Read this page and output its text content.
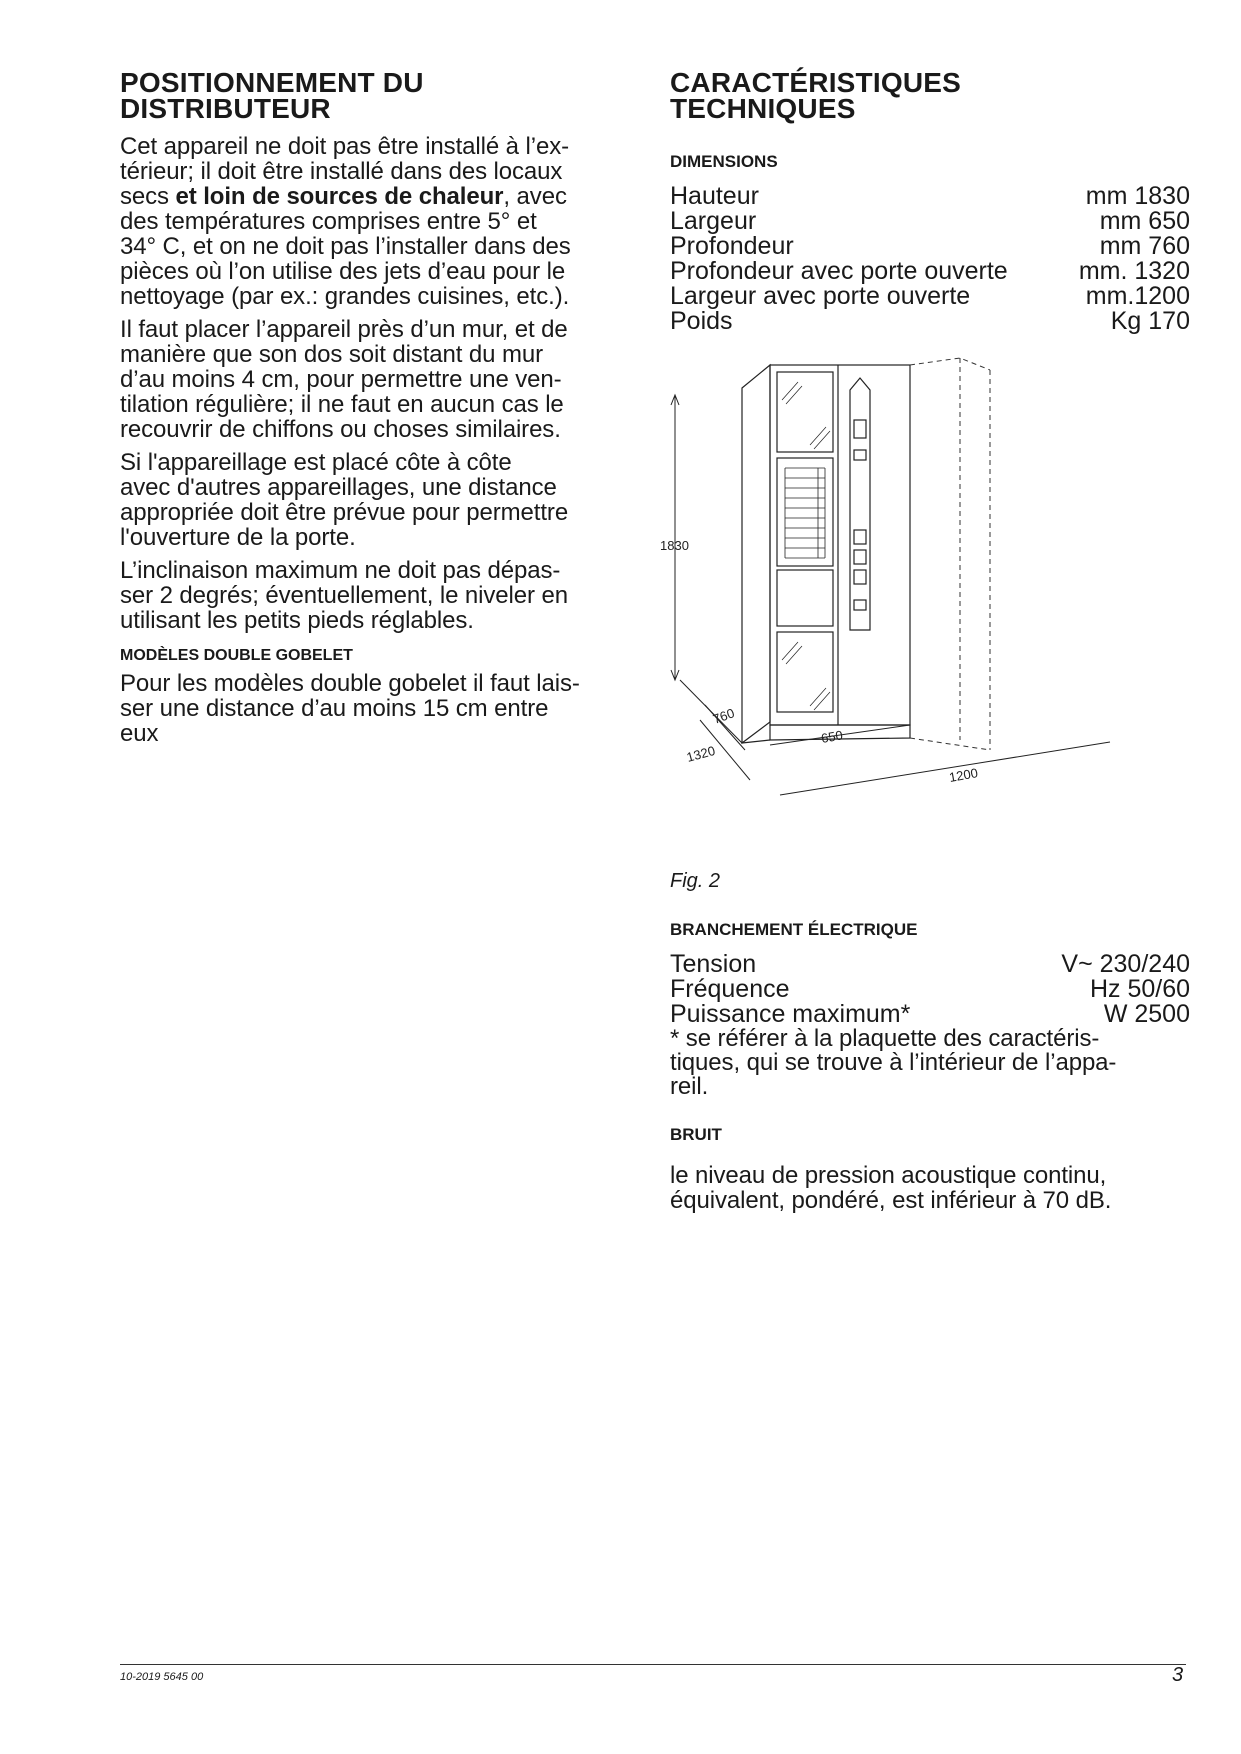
POSITIONNEMENT DU
DISTRIBUTEUR
Cet appareil ne doit pas être installé à l’ex-
térieur; il doit être installé dans des locaux
secs et loin de sources de chaleur, avec
des températures comprises entre 5° et
34° C, et on ne doit pas l’installer dans des
pièces où l’on utilise des jets d’eau pour le
nettoyage (par ex.: grandes cuisines, etc.).
Il faut placer l’appareil près d’un mur, et de
manière que son dos soit distant du mur
d’au moins 4 cm, pour permettre une ven-
tilation régulière; il ne faut en aucun cas le
recouvrir de chiffons ou choses similaires.
Si l'appareillage est placé côte à côte
avec d'autres appareillages, une distance
appropriée doit être prévue pour permettre
l'ouverture de la porte.
L’inclinaison maximum ne doit pas dépas-
ser 2 degrés; éventuellement, le niveler en
utilisant les petits pieds réglables.
MODÈLES DOUBLE GOBELET
Pour les modèles double gobelet il faut lais-
ser une distance d’au moins 15 cm entre
eux
CARACTÉRISTIQUES
TECHNIQUES
DIMENSIONS
Hauteur	mm 1830
Largeur	mm 650
Profondeur	mm 760
Profondeur avec porte ouverte	mm. 1320
Largeur avec porte ouverte	mm.1200
Poids	Kg 170
1830
760
650
1320
1200
Fig. 2
BRANCHEMENT ÉLECTRIQUE
Tension	V~ 230/240
Fréquence	Hz 50/60
Puissance maximum*	W 2500
* se référer à la plaquette des caractéris-
tiques, qui se trouve à l’intérieur de l’appa-
reil.
BRUIT
le niveau de pression acoustique continu,
équivalent, pondéré, est inférieur à 70 dB.
10-2019 5645 00	3
